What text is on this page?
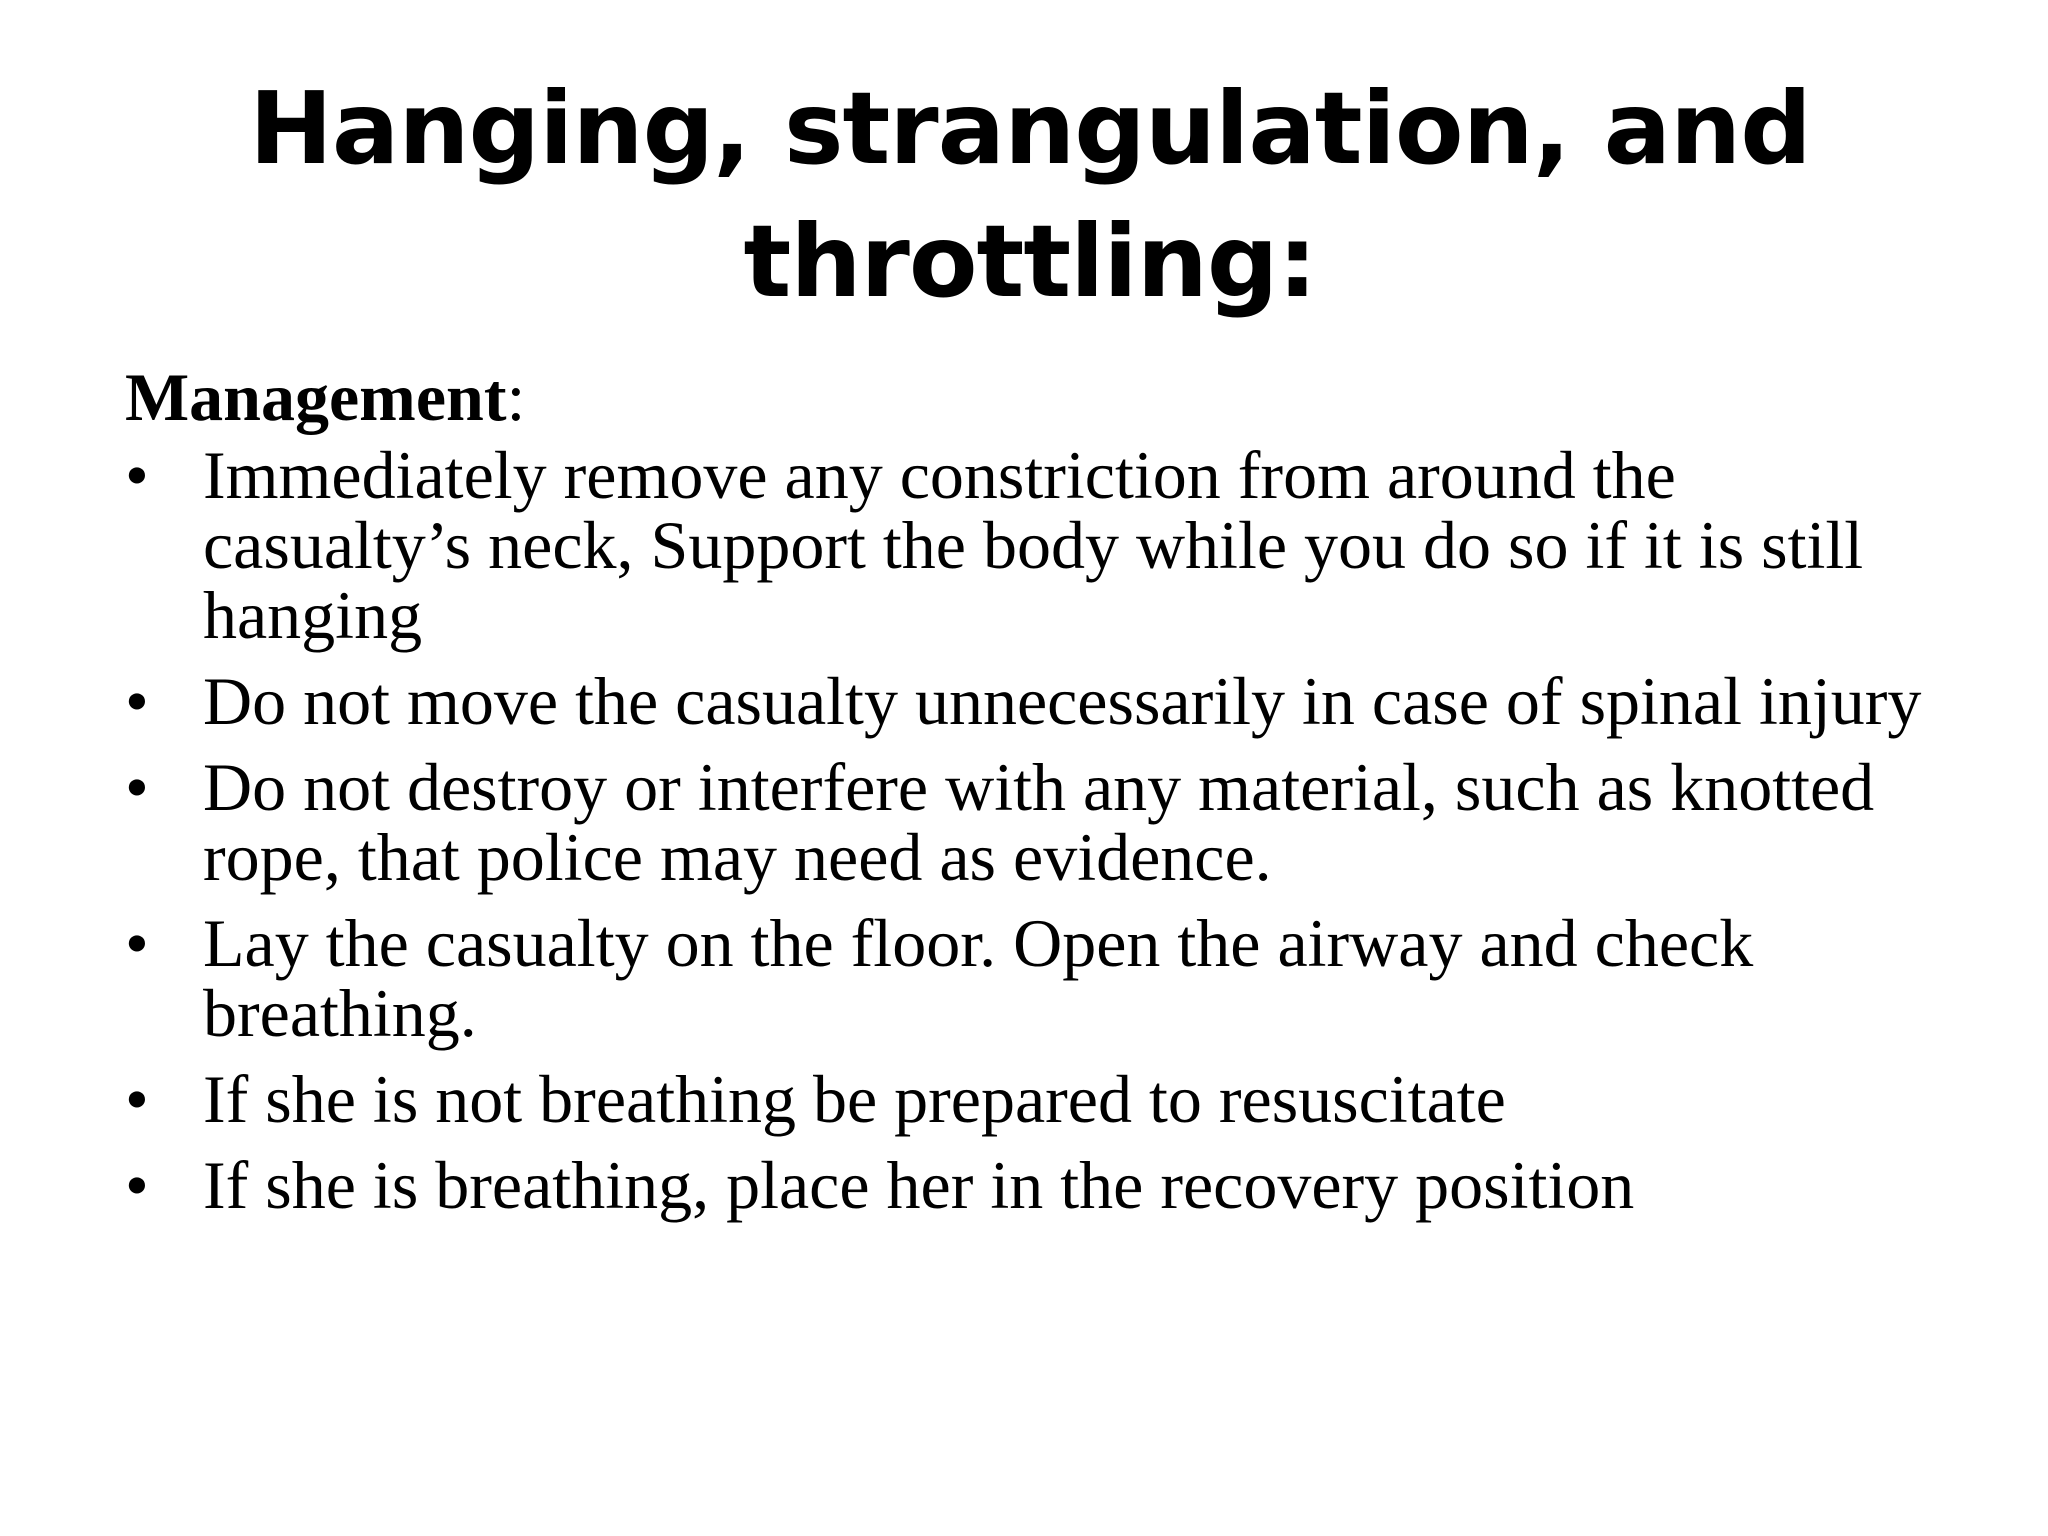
Hanging, strangulation, and throttling:

Management:

• Immediately remove any constriction from around the casualty’s neck, Support the body while you do so if it is still hanging
• Do not move the casualty unnecessarily in case of spinal injury
• Do not destroy or interfere with any material, such as knotted rope, that police may need as evidence.
• Lay the casualty on the floor. Open the airway and check breathing.
• If she is not breathing be prepared to resuscitate
• If she is breathing, place her in the recovery position
